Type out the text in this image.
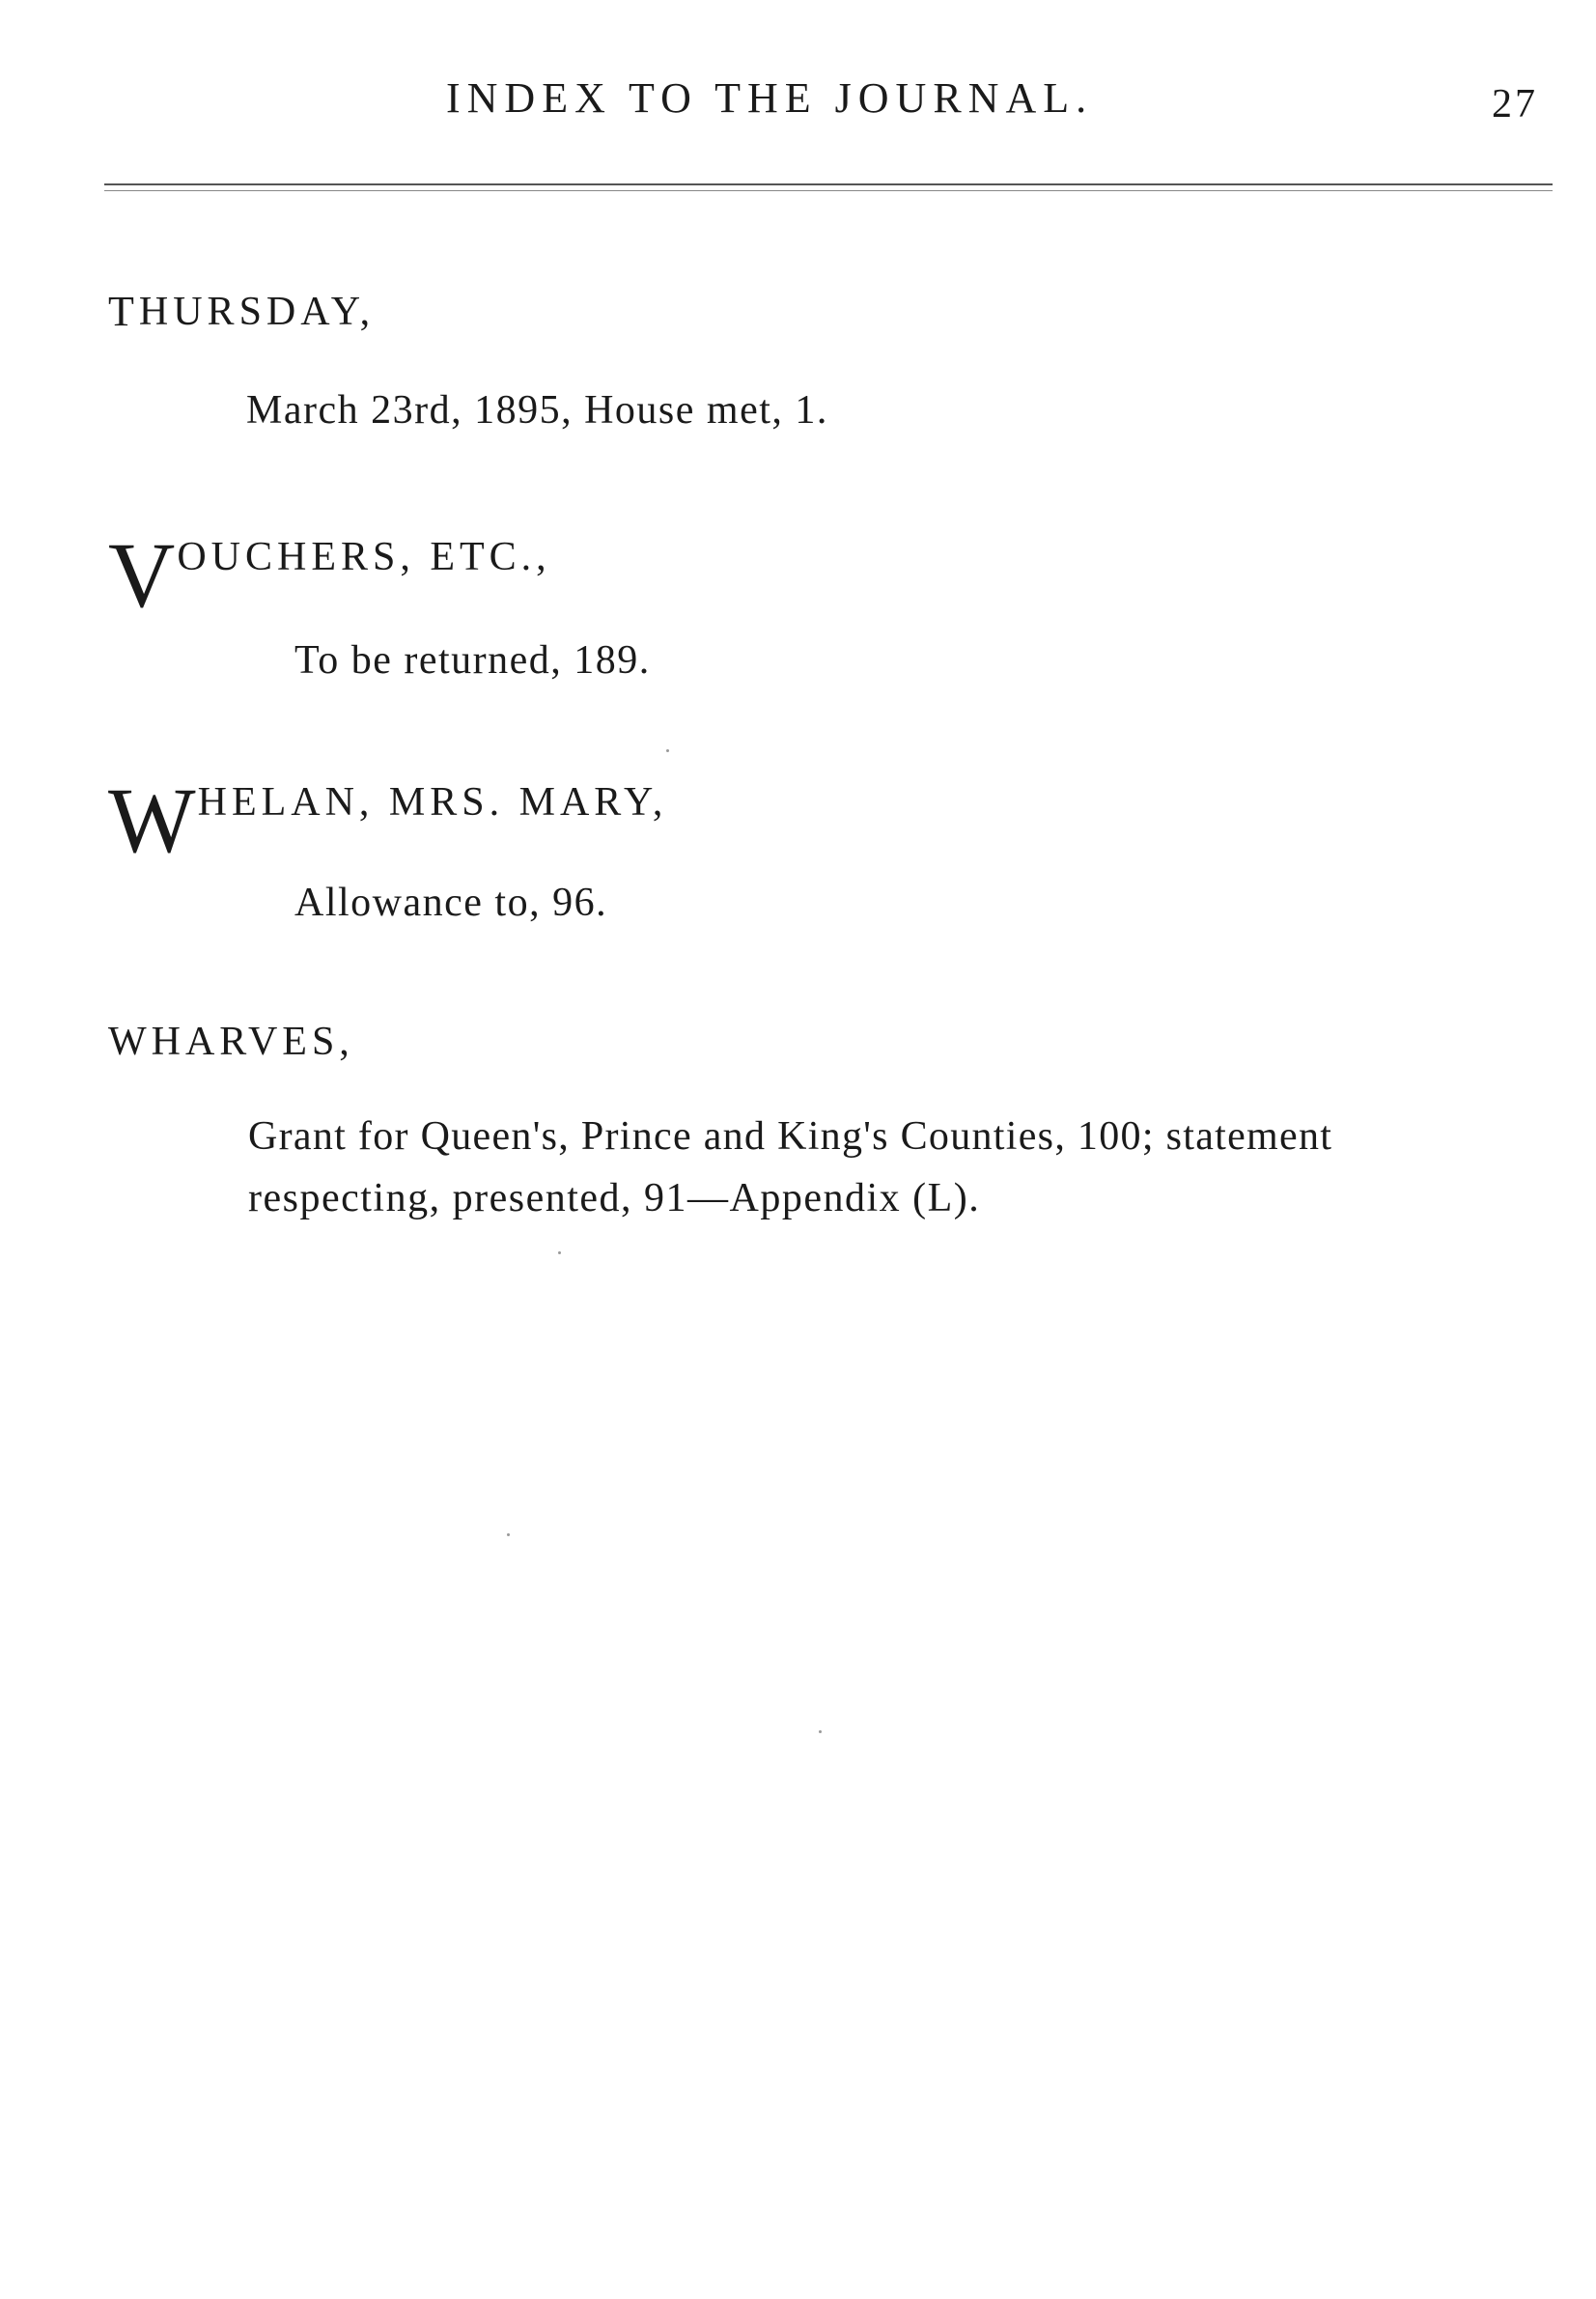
INDEX TO THE JOURNAL.	27
THURSDAY,
March 23rd, 1895, House met, 1.
VOUCHERS, ETC.,
To be returned, 189.
WHELAN, MRS. MARY,
Allowance to, 96.
WHARVES,
Grant for Queen's, Prince and King's Counties, 100; statement
respecting, presented, 91—Appendix (L).
